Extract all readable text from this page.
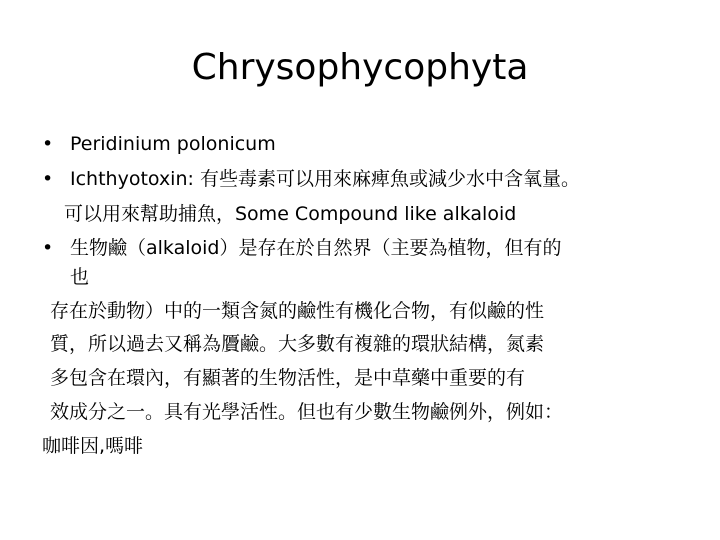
Chrysophycophyta
• Peridinium polonicum
• Ichthyotoxin: 有些毒素可以用來麻痺魚或減少水中含氧量。
可以用來幫助捕魚，Some Compound like alkaloid
• 生物鹼（alkaloid）是存在於自然界（主要為植物，但有的
也
存在於動物）中的一類含氮的鹼性有機化合物，有似鹼的性
質，所以過去又稱為贗鹼。大多數有複雜的環狀結構，氮素
多包含在環內，有顯著的生物活性，是中草藥中重要的有
效成分之一。具有光學活性。但也有少數生物鹼例外，例如：
咖啡因,嗎啡
